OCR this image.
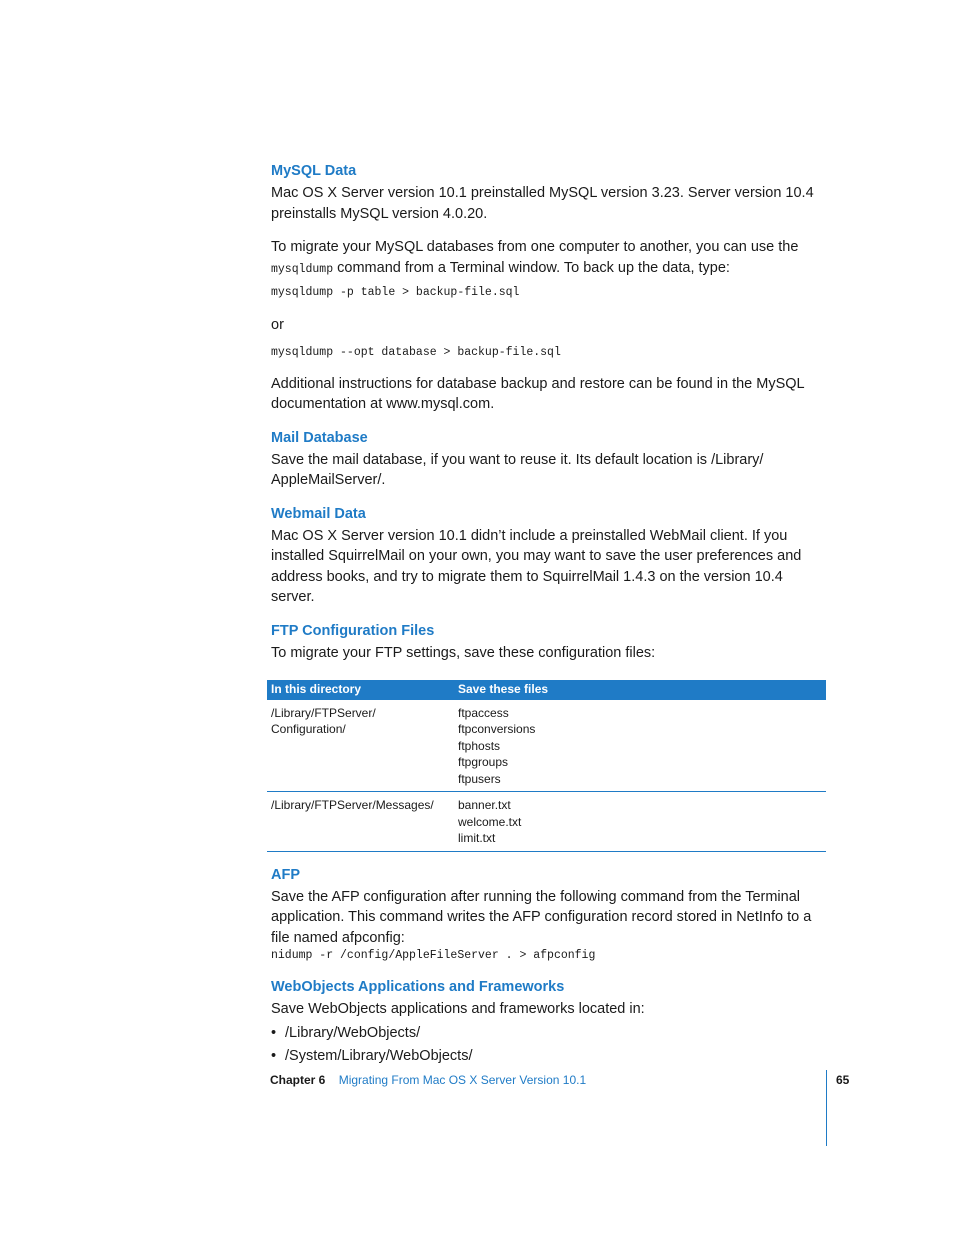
MySQL Data

Mac OS X Server version 10.1 preinstalled MySQL version 3.23. Server version 10.4 preinstalls MySQL version 4.0.20.

To migrate your MySQL databases from one computer to another, you can use the
mysqldump command from a Terminal window. To back up the data, type:

mysqldump -p table > backup-file.sql

or

mysqldump --opt database > backup-file.sql

Additional instructions for database backup and restore can be found in the MySQL documentation at www.mysql.com.

Mail Database

Save the mail database, if you want to reuse it. Its default location is /Library/ AppleMailServer/.

Webmail Data

Mac OS X Server version 10.1 didn’t include a preinstalled WebMail client. If you installed SquirrelMail on your own, you may want to save the user preferences and address books, and try to migrate them to SquirrelMail 1.4.3 on the version 10.4 server.

FTP Configuration Files

To migrate your FTP settings, save these configuration files:

In this directory	Save these files
/Library/FTPServer/
Configuration/	ftpaccess
ftpconversions
ftphosts
ftpgroups
ftpusers
/Library/FTPServer/Messages/	banner.txt
welcome.txt
limit.txt
AFP

Save the AFP configuration after running the following command from the Terminal application. This command writes the AFP configuration record stored in NetInfo to a file named afpconfig:

nidump -r /config/AppleFileServer . > afpconfig

WebObjects Applications and Frameworks

Save WebObjects applications and frameworks located in:

• /Library/WebObjects/
• /System/Library/WebObjects/
Chapter 6 Migrating From Mac OS X Server Version 10.1	65
